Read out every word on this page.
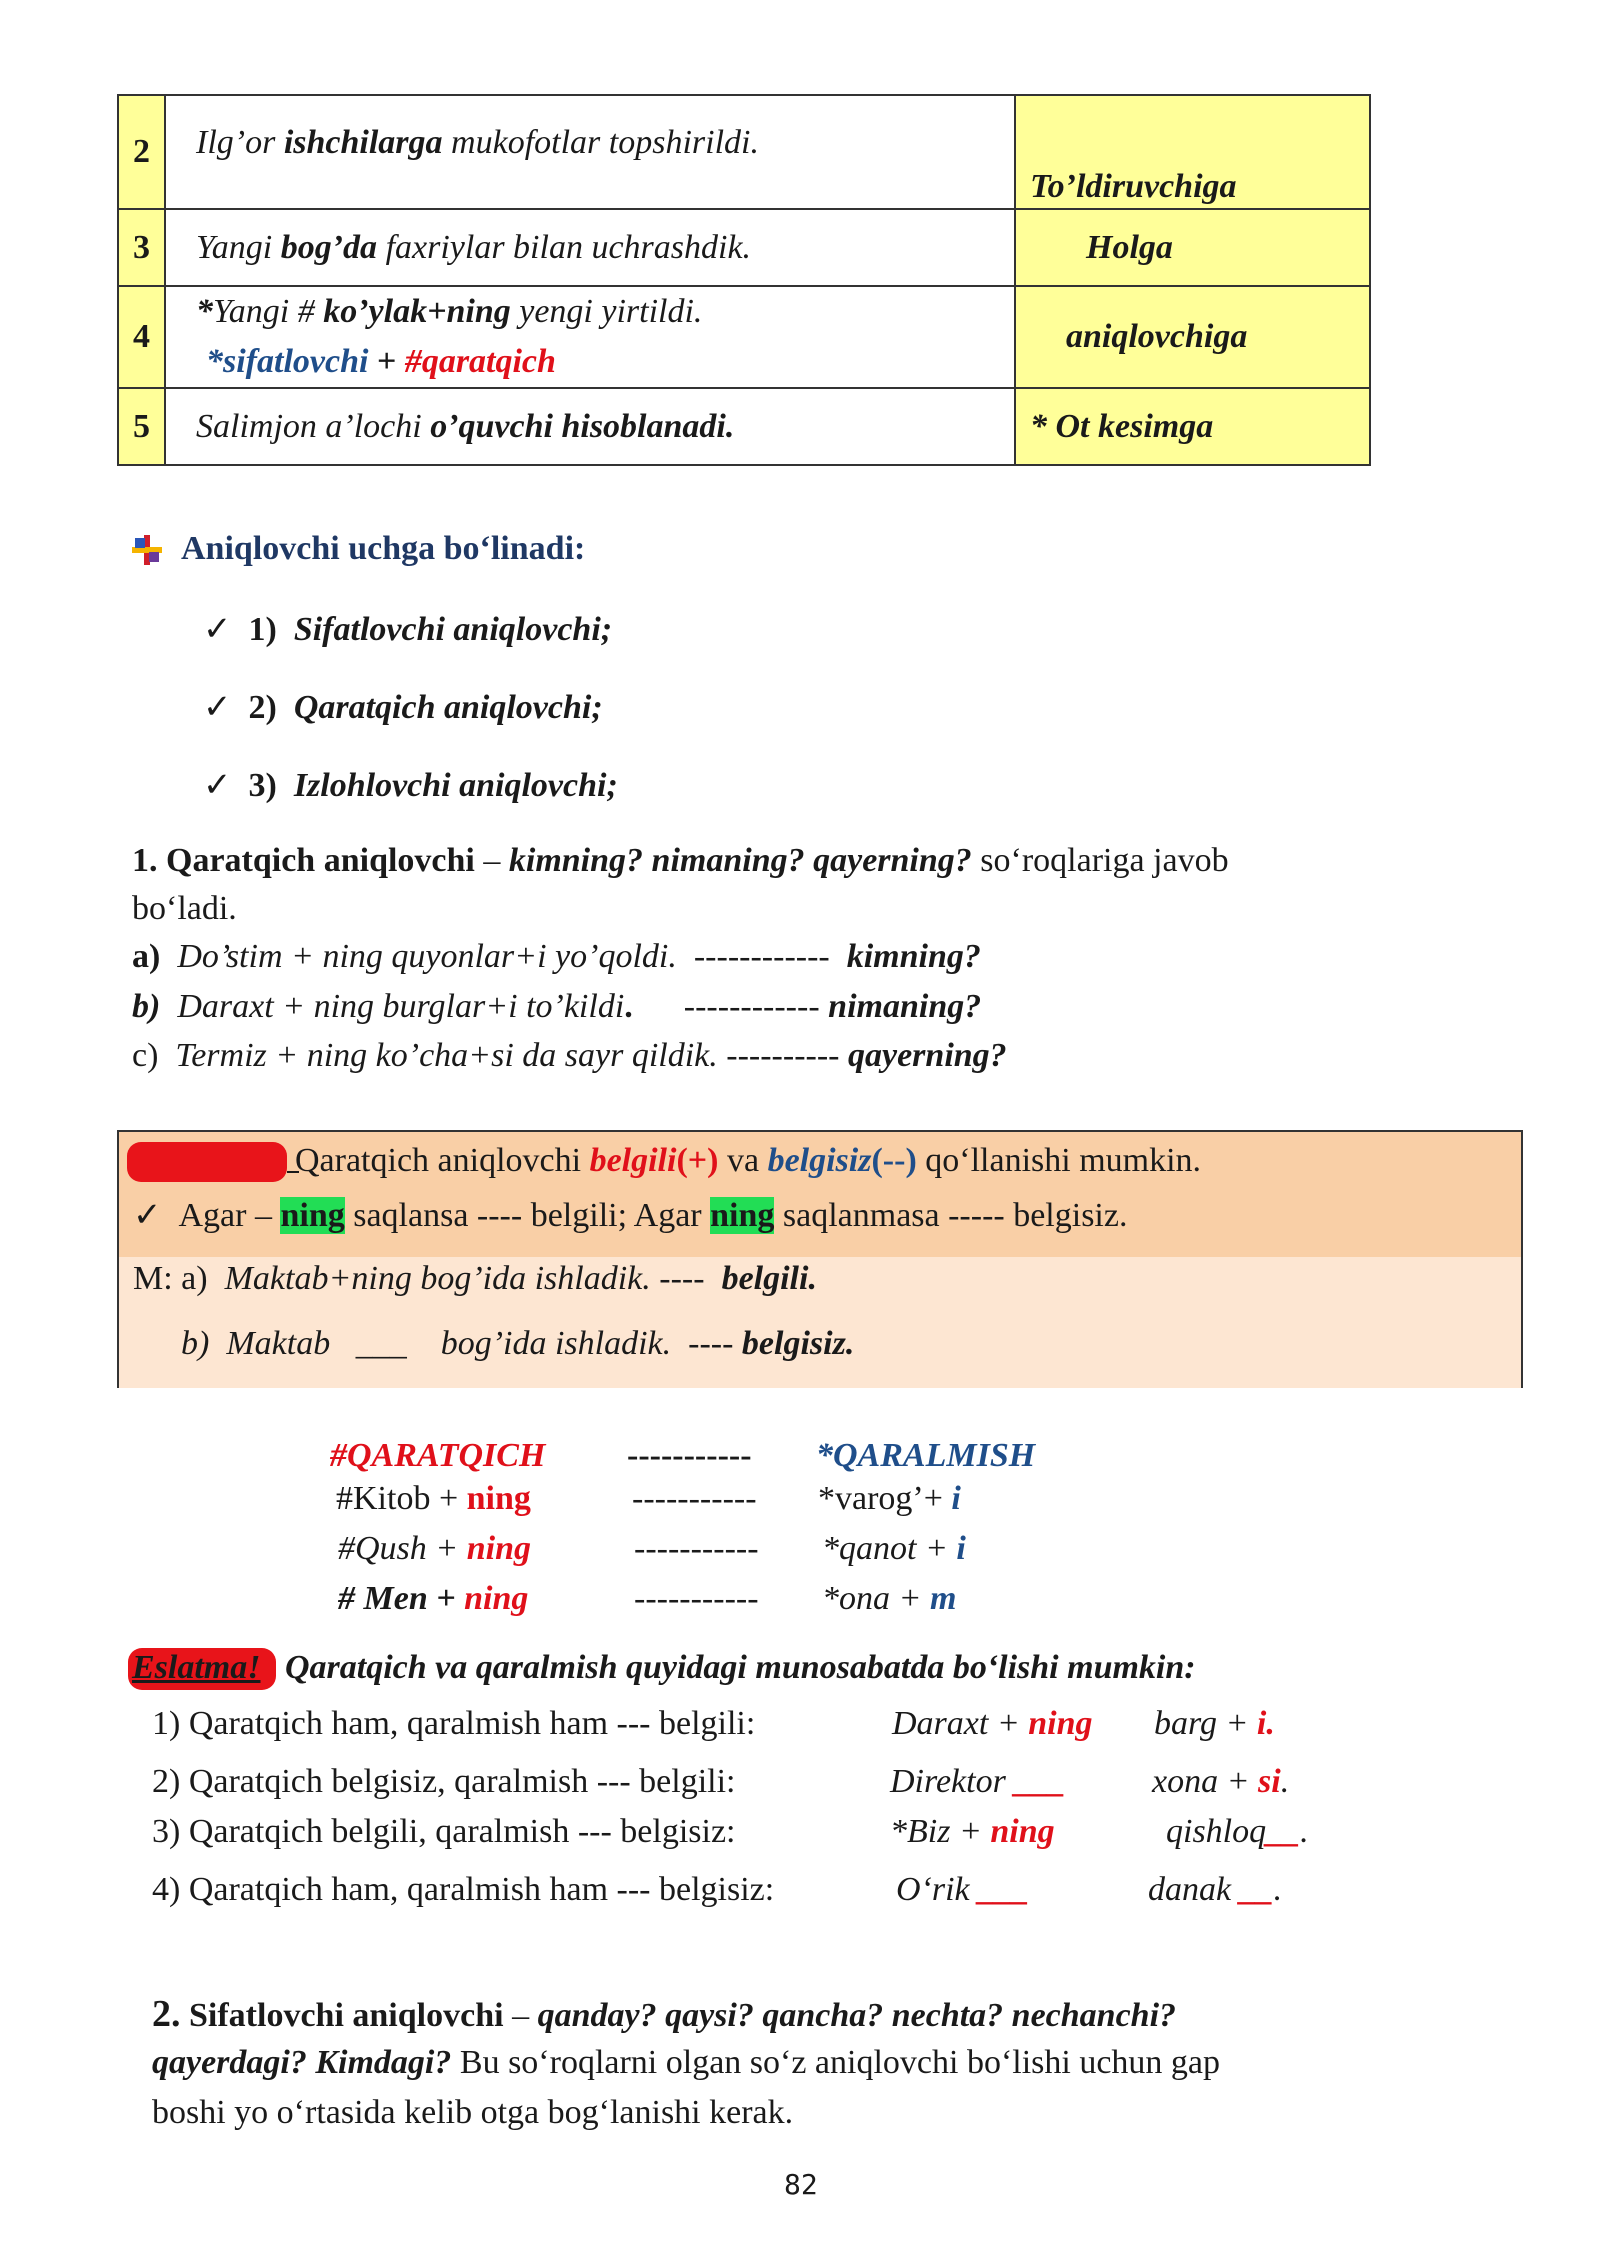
2	Ilg’or ishchilarga mukofotlar topshirildi.	To’ldiruvchiga
3	Yangi bog’da faxriylar bilan uchrashdik.	Holga
4	*Yangi # ko’ylak+ning yengi yirtildi.
*sifatlovchi + #qaratqich	aniqlovchiga
5	Salimjon a’lochi o’quvchi hisoblanadi.	* Ot kesimga
Aniqlovchi uchga bo‘linadi:
✓ 1) Sifatlovchi aniqlovchi;
✓ 2) Qaratqich aniqlovchi;
✓ 3) Izlohlovchi aniqlovchi;
1. Qaratqich aniqlovchi – kimning? nimaning? qayerning? so‘roqlariga javob
bo‘ladi.
a) Do’stim + ning quyonlar+i yo’qoldi. ------------ kimning?
b) Daraxt + ning burglar+i to’kildi. ------------ nimaning?
c) Termiz + ning ko’cha+si da sayr qildik. ---------- qayerning?
Qaratqich aniqlovchi belgili(+) va belgisiz(--) qo‘llanishi mumkin.
✓ Agar – ning saqlansa ---- belgili; Agar ning saqlanmasa ----- belgisiz.
M: a) Maktab+ning bog’ida ishladik. ---- belgili.
b) Maktab ___ bog’ida ishladik. ---- belgisiz.
#QARATQICH ----------- *QARALMISH
#Kitob + ning	----------- *varog’+ i
#Qush + ning	----------- *qanot + i
# Men + ning	----------- *ona + m
Eslatma! Qaratqich va qaralmish quyidagi munosabatda bo‘lishi mumkin:
1) Qaratqich ham, qaralmish ham --- belgili:	Daraxt + ning barg + i.
2) Qaratqich belgisiz, qaralmish --- belgili:	Direktor ___	xona + si.
3) Qaratqich belgili, qaralmish --- belgisiz:	*Biz + ning	qishloq__.
4) Qaratqich ham, qaralmish ham --- belgisiz:	O‘rik ___	danak __.
2. Sifatlovchi aniqlovchi – qanday? qaysi? qancha? nechta? nechanchi?
qayerdagi? Kimdagi? Bu so‘roqlarni olgan so‘z aniqlovchi bo‘lishi uchun gap
boshi yo o‘rtasida kelib otga bog‘lanishi kerak.
82
